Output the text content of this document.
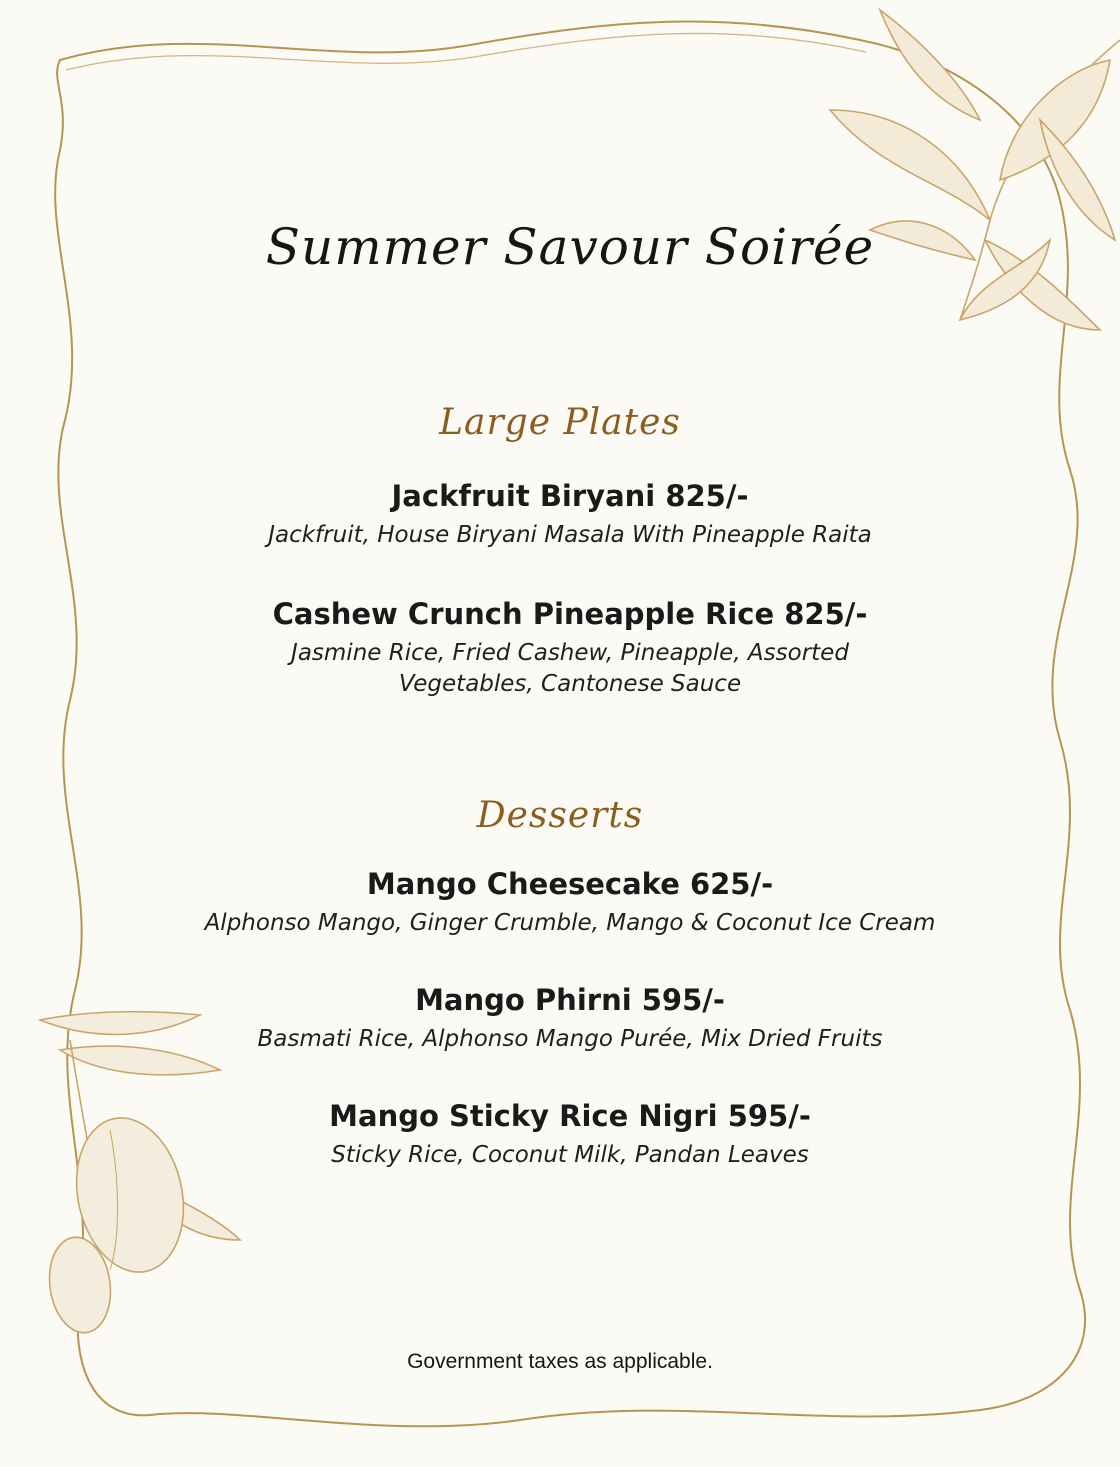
Summer Savour Soirée
Large Plates
Jackfruit Biryani 825/-
Jackfruit, House Biryani Masala With Pineapple Raita
Cashew Crunch Pineapple Rice 825/-
Jasmine Rice, Fried Cashew, Pineapple, Assorted Vegetables, Cantonese Sauce
Desserts
Mango Cheesecake 625/-
Alphonso Mango, Ginger Crumble, Mango & Coconut Ice Cream
Mango Phirni 595/-
Basmati Rice, Alphonso Mango Purée, Mix Dried Fruits
Mango Sticky Rice Nigri 595/-
Sticky Rice, Coconut Milk, Pandan Leaves
Government taxes as applicable.
